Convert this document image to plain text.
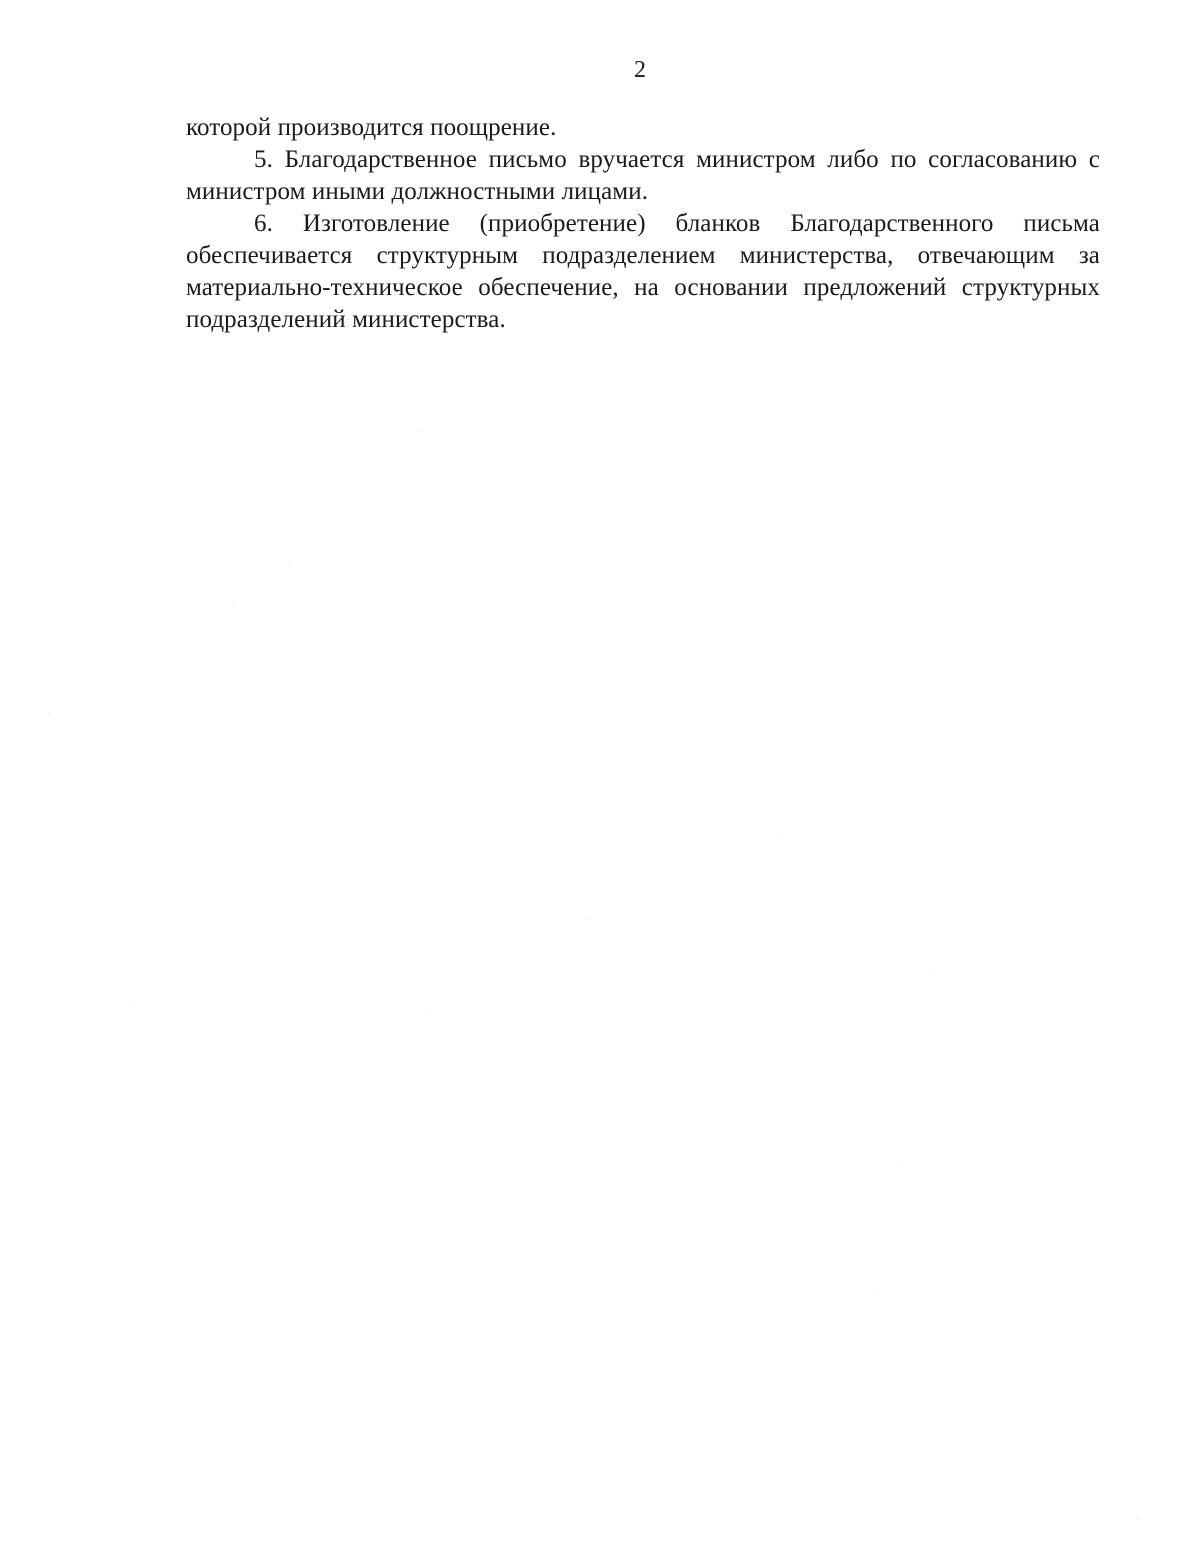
2

которой производится поощрение.

5. Благодарственное письмо вручается министром либо по согласованию с министром иными должностными лицами.

6. Изготовление (приобретение) бланков Благодарственного письма обеспечивается структурным подразделением министерства, отвечающим за материально-техническое обеспечение, на основании предложений структурных подразделений министерства.
